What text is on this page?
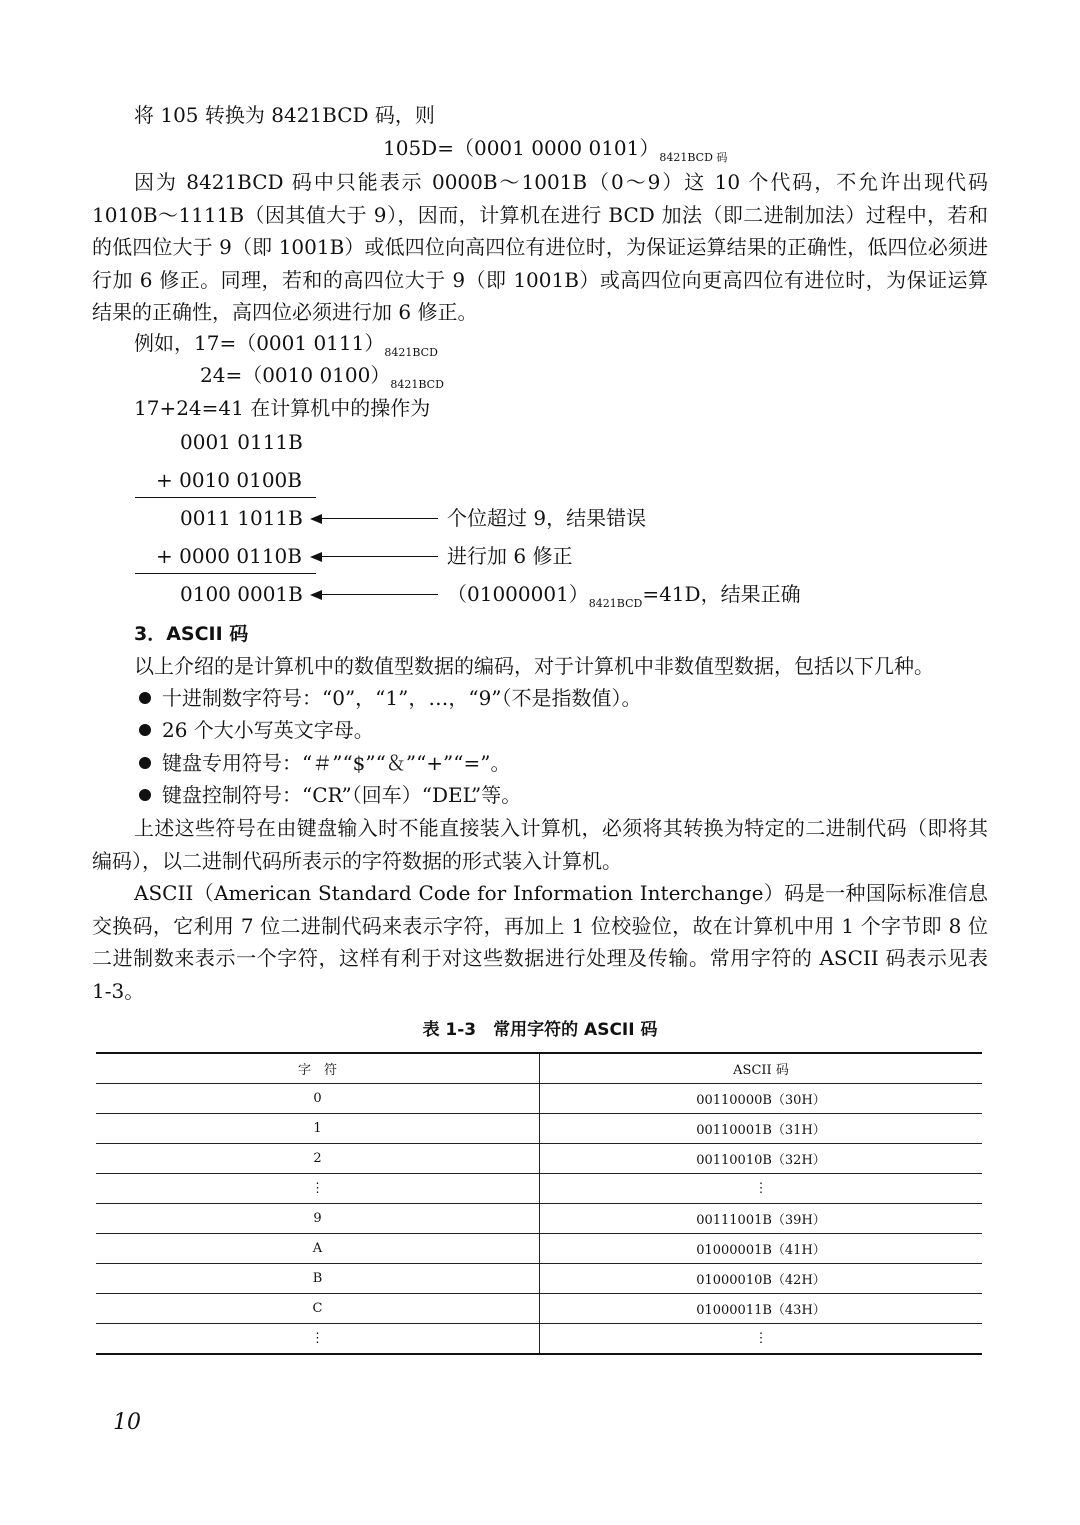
将 105 转换为 8421BCD 码，则
105D=（0001 0000 $0101)_{8421BCD 码}$
因为 8421BCD 码中只能表示 0000B～1001B（0～9）这 10 个代码，不允许出现代码 1010B～1111B（因其值大于 9），因而，计算机在进行 BCD 加法（即二进制加法）过程中，若和的低四位大于 9（即 1001B）或低四位向高四位有进位时，为保证运算结果的正确性，低四位必须进行加 6 修正。同理，若和的高四位大于 9（即 1001B）或高四位向更高四位有进位时，为保证运算结果的正确性，高四位必须进行加 6 修正。
例如，17=（0001 $0111)_{8421BCD}$
24=（0010 $0100)_{8421BCD}$
17+24=41 在计算机中的操作为
0001 0111B
+ 0010 0100B
0011 1011B	个位超过 9，结果错误
+ 0000 0110B	进行加 6 修正
0100 0001B	$(01000001)_{8421BCD}=41D$，结果正确
3．ASCII 码
以上介绍的是计算机中的数值型数据的编码，对于计算机中非数值型数据，包括以下几种。
十进制数字符号：“0”，“1”，…，“9”（不是指数值）。
26 个大小写英文字母。
键盘专用符号：“＃”“$”“＆”“+”“=”。
键盘控制符号：“CR”（回车）“DEL”等。
上述这些符号在由键盘输入时不能直接装入计算机，必须将其转换为特定的二进制代码（即将其编码），以二进制代码所表示的字符数据的形式装入计算机。
ASCII（American Standard Code for Information Interchange）码是一种国际标准信息交换码，它利用 7 位二进制代码来表示字符，再加上 1 位校验位，故在计算机中用 1 个字节即 8 位二进制数来表示一个字符，这样有利于对这些数据进行处理及传输。常用字符的 ASCII 码表示见表 1-3。
表 1-3　常用字符的 ASCII 码
字　符	ASCII 码
0	00110000B（30H）
1	00110001B（31H）
2	00110010B（32H）
⋮	⋮
9	00111001B（39H）
A	01000001B（41H）
B	01000010B（42H）
C	01000011B（43H）
⋮	⋮
10
